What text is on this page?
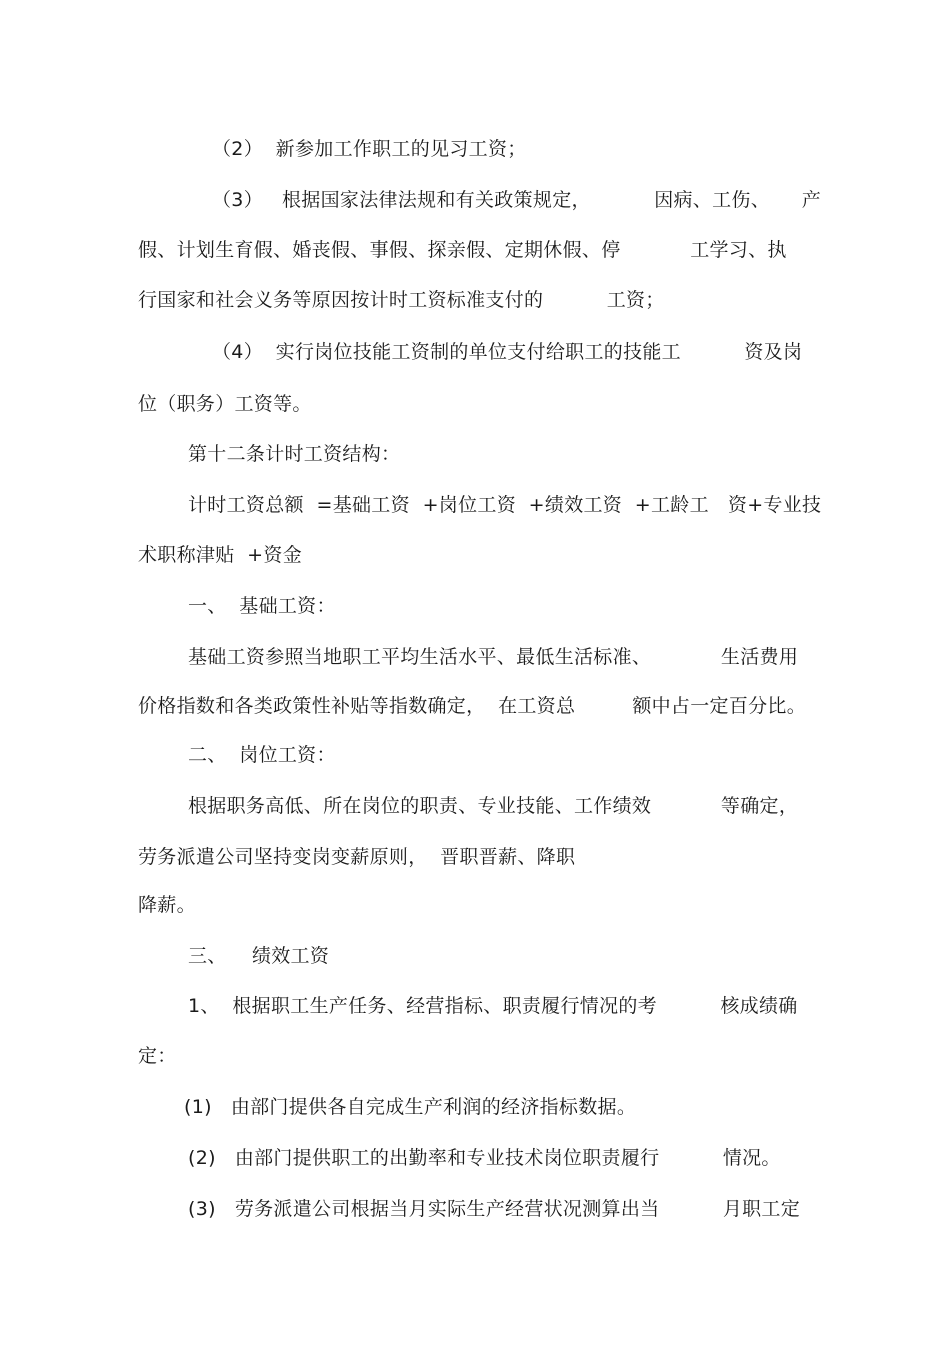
（2）  新参加工作职工的见习工资；
（3）   根据国家法律法规和有关政策规定，          因病、工伤、     产
假、计划生育假、婚丧假、事假、探亲假、定期休假、停           工学习、执
行国家和社会义务等原因按计时工资标准支付的          工资；
（4）  实行岗位技能工资制的单位支付给职工的技能工          资及岗
位（职务）工资等。
第十二条计时工资结构：
计时工资总额  =基础工资  +岗位工资  +绩效工资  +工龄工   资+专业技
术职称津贴  +资金
一、  基础工资：
基础工资参照当地职工平均生活水平、最低生活标准、           生活费用
价格指数和各类政策性补贴等指数确定，  在工资总         额中占一定百分比。
二、  岗位工资：
根据职务高低、所在岗位的职责、专业技能、工作绩效           等确定，
劳务派遣公司坚持变岗变薪原则，  晋职晋薪、降职
降薪。
三、    绩效工资
1、  根据职工生产任务、经营指标、职责履行情况的考          核成绩确
定：
(1)   由部门提供各自完成生产利润的经济指标数据。
(2)   由部门提供职工的出勤率和专业技术岗位职责履行          情况。
(3)   劳务派遣公司根据当月实际生产经营状况测算出当          月职工定
